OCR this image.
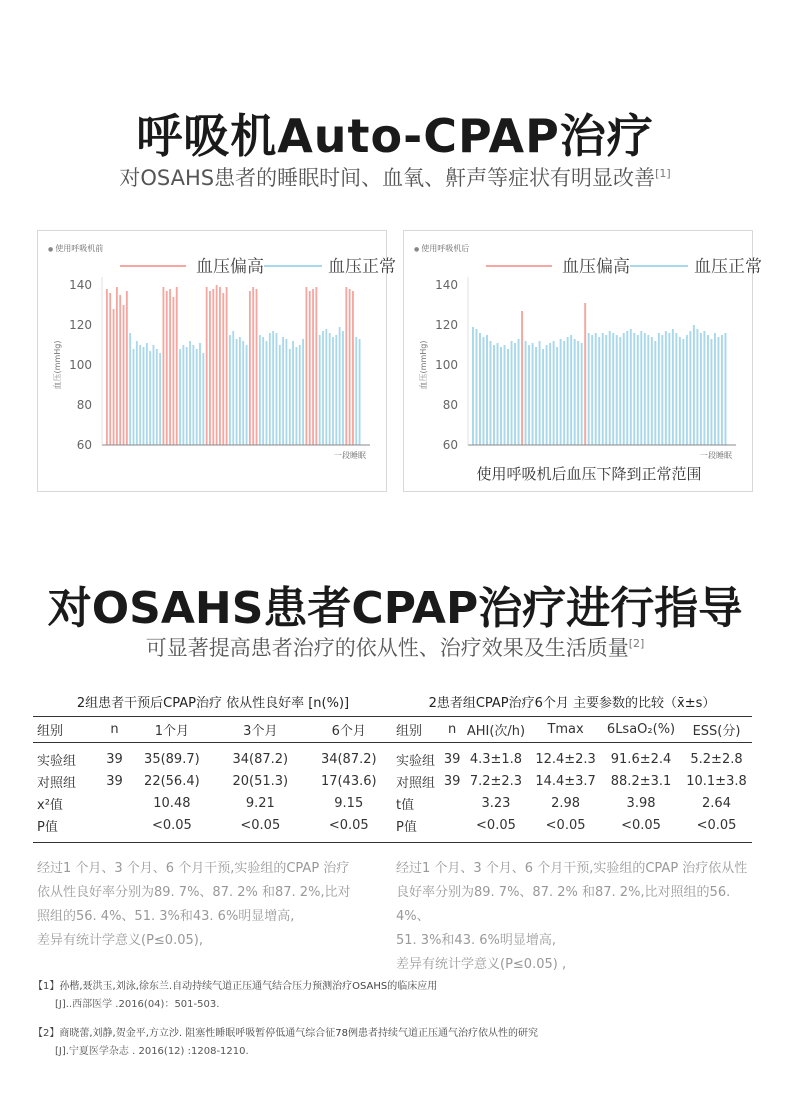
呼吸机Auto-CPAP治疗
对OSAHS患者的睡眠时间、血氧、鼾声等症状有明显改善[1]
● 使用呼吸机前
血压偏高	血压正常
60
80
100
120
140
血压(mmHg)
一段睡眠
● 使用呼吸机后
血压偏高	血压正常
60
80
100
120
140
血压(mmHg)
一段睡眠
使用呼吸机后血压下降到正常范围
对OSAHS患者CPAP治疗进行指导
可显著提高患者治疗的依从性、治疗效果及生活质量[2]
2组患者干预后CPAP治疗 依从性良好率 [n(%)]
组别	n	1个月	3个月	6个月
实验组	39	35(89.7)	34(87.2)	34(87.2)
对照组	39	22(56.4)	20(51.3)	17(43.6)
x²值		10.48	9.21	9.15
P值		<0.05	<0.05	<0.05
经过1 个月、3 个月、6 个月干预,实验组的CPAP 治疗
依从性良好率分别为89. 7%、87. 2% 和87. 2%,比对
照组的56. 4%、51. 3%和43. 6%明显增高,
差异有统计学意义(P≤0.05),
2患者组CPAP治疗6个月 主要参数的比较（x̄±s）
组别	n	AHI(次/h)	Tmax	6LsaO₂(%)	ESS(分)
实验组	39	4.3±1.8	12.4±2.3	91.6±2.4	5.2±2.8
对照组	39	7.2±2.3	14.4±3.7	88.2±3.1	10.1±3.8
t值		3.23	2.98	3.98	2.64
P值		<0.05	<0.05	<0.05	<0.05
经过1 个月、3 个月、6 个月干预,实验组的CPAP 治疗依从性
良好率分别为89. 7%、87. 2% 和87. 2%,比对照组的56. 4%、
51. 3%和43. 6%明显增高,
差异有统计学意义(P≤0.05) ,
【1】孙楷,聂洪玉,刘泳,徐东兰.自动持续气道正压通气结合压力预测治疗OSAHS的临床应用
[J]..西部医学 .2016(04)：501-503.
【2】商晓蕾,刘静,贺金平,方立沙. 阻塞性睡眠呼吸暂停低通气综合征78例患者持续气道正压通气治疗依从性的研究
[J].宁夏医学杂志 . 2016(12) :1208-1210.
